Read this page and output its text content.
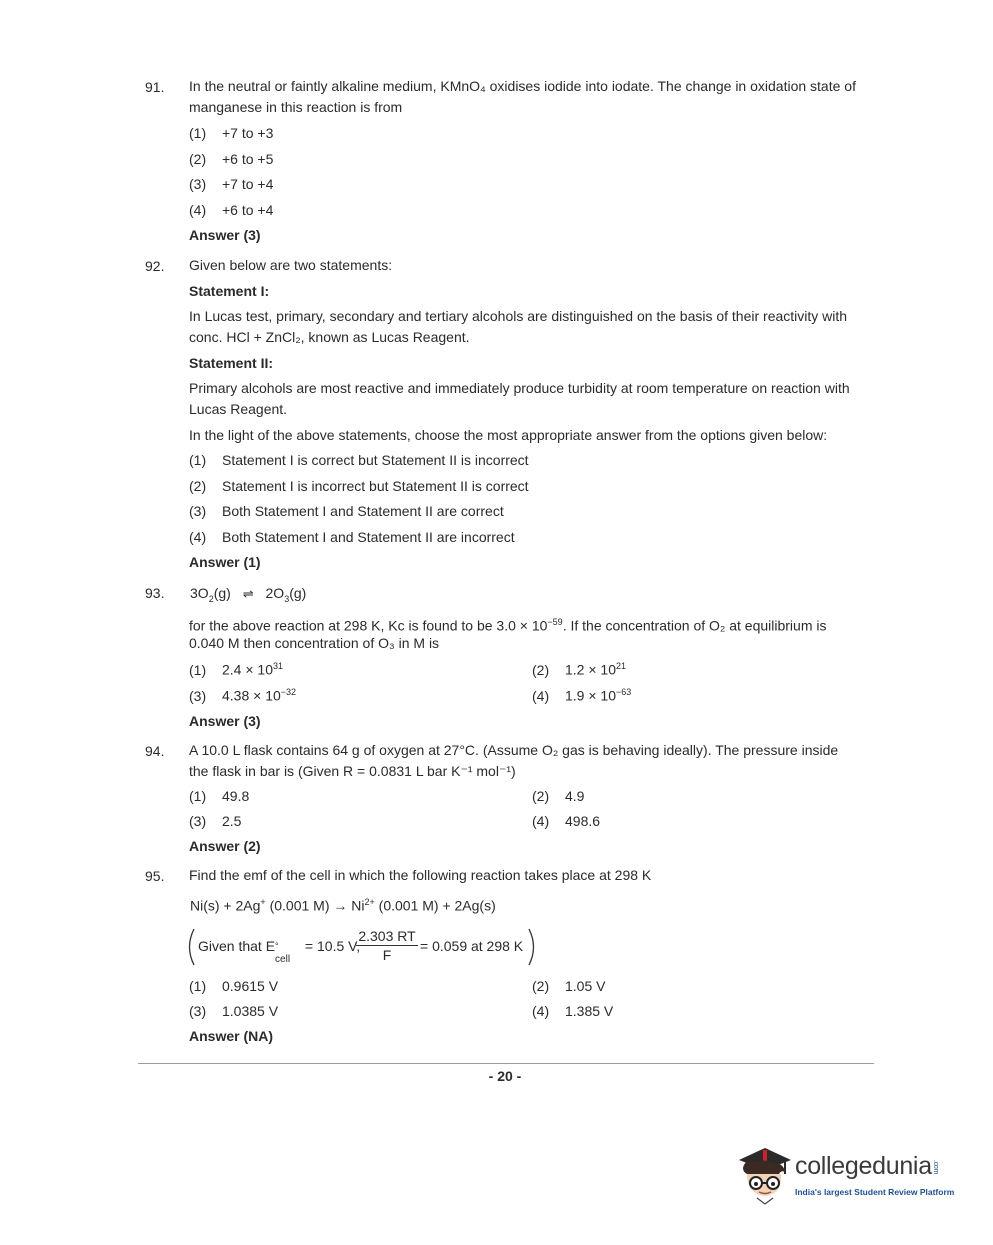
91. In the neutral or faintly alkaline medium, KMnO₄ oxidises iodide into iodate. The change in oxidation state of
manganese in this reaction is from
(1) +7 to +3
(2) +6 to +5
(3) +7 to +4
(4) +6 to +4
Answer (3)
92. Given below are two statements:
Statement I:
In Lucas test, primary, secondary and tertiary alcohols are distinguished on the basis of their reactivity with
conc. HCl + ZnCl₂, known as Lucas Reagent.
Statement II:
Primary alcohols are most reactive and immediately produce turbidity at room temperature on reaction with
Lucas Reagent.
In the light of the above statements, choose the most appropriate answer from the options given below:
(1) Statement I is correct but Statement II is incorrect
(2) Statement I is incorrect but Statement II is correct
(3) Both Statement I and Statement II are correct
(4) Both Statement I and Statement II are incorrect
Answer (1)
93. $3O_2(g)$ ⇌ $2O_3(g)$
for the above reaction at 298 K, Kc is found to be $3.0 \times 10^{-59}$. If the concentration of O₂ at equilibrium is
0.040 M then concentration of O₃ in M is
(1) $2.4 \times 10^{31}$	(2) $1.2 \times 10^{21}$
(3) $4.38 \times 10^{-32}$	(4) $1.9 \times 10^{-63}$
Answer (3)
94. A 10.0 L flask contains 64 g of oxygen at 27°C. (Assume O₂ gas is behaving ideally). The pressure inside
the flask in bar is (Given R = 0.0831 L bar K⁻¹ mol⁻¹)
(1) 49.8	(2) 4.9
(3) 2.5	(4) 498.6
Answer (2)
95. Find the emf of the cell in which the following reaction takes place at 298 K
Ni(s) + 2Ag+ (0.001 $M) \to Ni^{2+}$ (0.001 M) + 2Ag(s)
Given that E °
cell
= 10.5 V,
$\frac{2.303 RT}{F} = 0.059$ at 298 K
(1) 0.9615 V	(2) 1.05 V
(3) 1.0385 V	(4) 1.385 V
Answer (NA)
- 20 -
collegedunia.com
India's largest Student Review Platform
